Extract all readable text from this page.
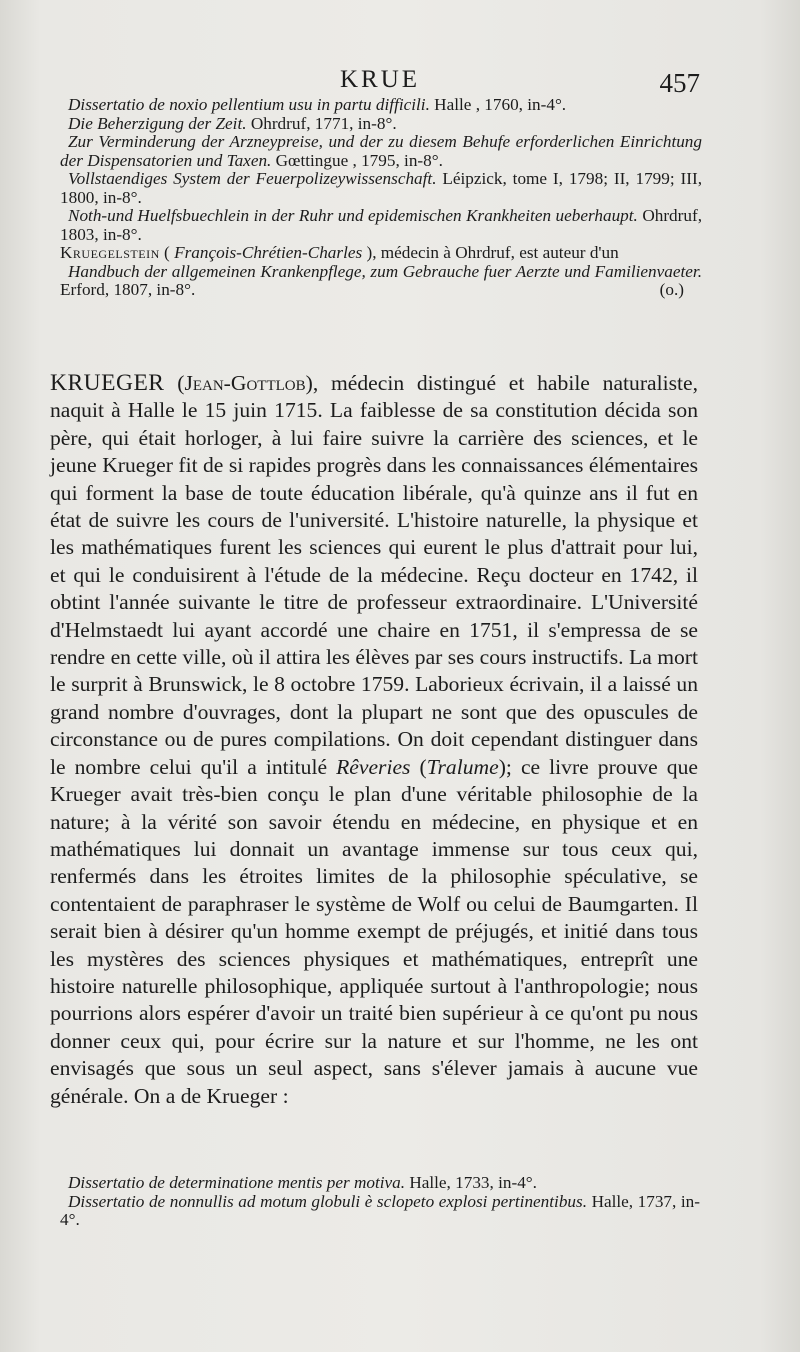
KRUE	457

Dissertatio de noxio pellentium usu in partu difficili. Halle , 1760, in-4°.

Die Beherzigung der Zeit. Ohrdruf, 1771, in-8°.

Zur Verminderung der Arzneypreise, und der zu diesem Behufe erforderlichen Einrichtung der Dispensatorien und Taxen. Gœttingue , 1795, in-8°.

Vollstaendiges System der Feuerpolizeywissenschaft. Léipzick, tome I, 1798; II, 1799; III, 1800, in-8°.

Noth-und Huelfsbuechlein in der Ruhr und epidemischen Krankheiten ueberhaupt. Ohrdruf, 1803, in-8°.

Kruegelstein ( François-Chrétien-Charles ), médecin à Ohrdruf, est auteur d'un

Handbuch der allgemeinen Krankenpflege, zum Gebrauche fuer Aerzte und Familienvaeter. Erford, 1807, in-8°.	(o.)

KRUEGER (Jean-Gottlob), médecin distingué et habile naturaliste, naquit à Halle le 15 juin 1715. La faiblesse de sa constitution décida son père, qui était horloger, à lui faire suivre la carrière des sciences, et le jeune Krueger fit de si rapides progrès dans les connaissances élémentaires qui forment la base de toute éducation libérale, qu'à quinze ans il fut en état de suivre les cours de l'université. L'histoire naturelle, la physique et les mathématiques furent les sciences qui eurent le plus d'attrait pour lui, et qui le conduisirent à l'étude de la médecine. Reçu docteur en 1742, il obtint l'année suivante le titre de professeur extraordinaire. L'Université d'Helmstaedt lui ayant accordé une chaire en 1751, il s'empressa de se rendre en cette ville, où il attira les élèves par ses cours instructifs. La mort le surprit à Brunswick, le 8 octobre 1759. Laborieux écrivain, il a laissé un grand nombre d'ouvrages, dont la plupart ne sont que des opuscules de circonstance ou de pures compilations. On doit cependant distinguer dans le nombre celui qu'il a intitulé Rêveries (Tralume); ce livre prouve que Krueger avait très-bien conçu le plan d'une véritable philosophie de la nature; à la vérité son savoir étendu en médecine, en physique et en mathématiques lui donnait un avantage immense sur tous ceux qui, renfermés dans les étroites limites de la philosophie spéculative, se contentaient de paraphraser le système de Wolf ou celui de Baumgarten. Il serait bien à désirer qu'un homme exempt de préjugés, et initié dans tous les mystères des sciences physiques et mathématiques, entreprît une histoire naturelle philosophique, appliquée surtout à l'anthropologie; nous pourrions alors espérer d'avoir un traité bien supérieur à ce qu'ont pu nous donner ceux qui, pour écrire sur la nature et sur l'homme, ne les ont envisagés que sous un seul aspect, sans s'élever jamais à aucune vue générale. On a de Krueger :

Dissertatio de determinatione mentis per motiva. Halle, 1733, in-4°.

Dissertatio de nonnullis ad motum globuli è sclopeto explosi pertinentibus. Halle, 1737, in-4°.
